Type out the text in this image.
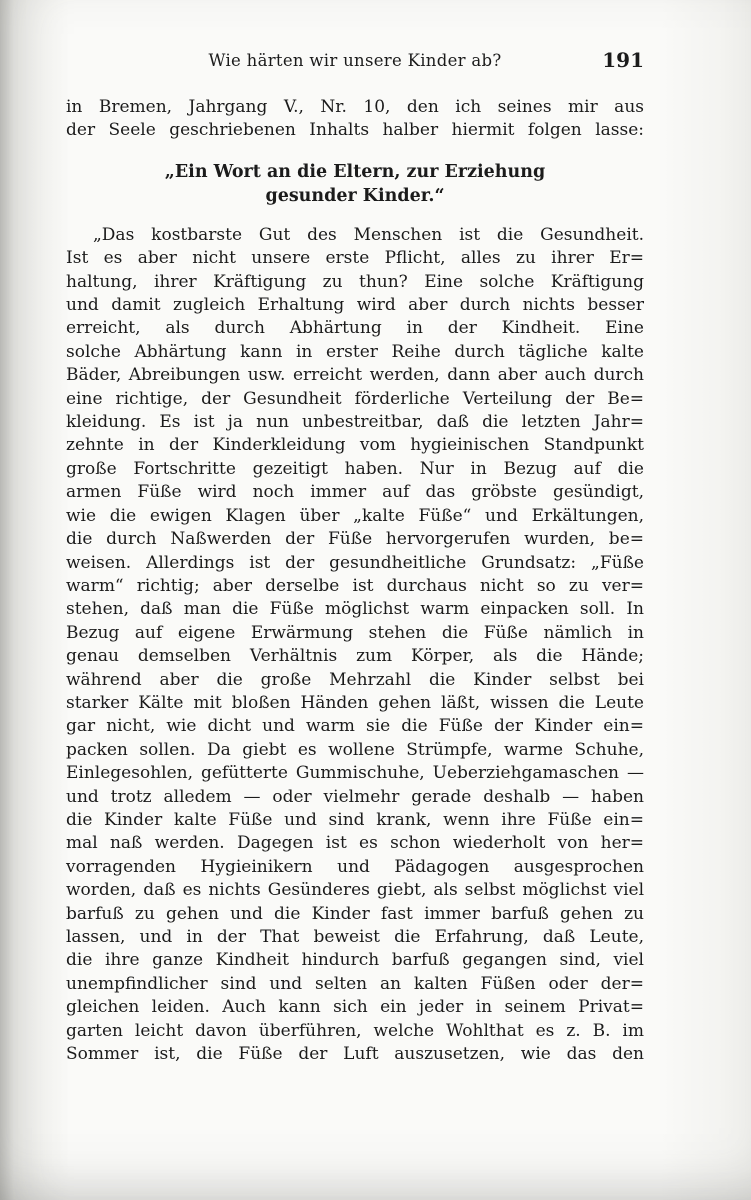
Wie härten wir unsere Kinder ab?	191
in Bremen, Jahrgang V., Nr. 10, den ich seines mir aus
der Seele geschriebenen Inhalts halber hiermit folgen lasse:
„Ein Wort an die Eltern, zur Erziehung
gesunder Kinder.“
„Das kostbarste Gut des Menschen ist die Gesundheit.
Ist es aber nicht unsere erste Pflicht, alles zu ihrer Er=
haltung, ihrer Kräftigung zu thun? Eine solche Kräftigung
und damit zugleich Erhaltung wird aber durch nichts besser
erreicht, als durch Abhärtung in der Kindheit. Eine
solche Abhärtung kann in erster Reihe durch tägliche kalte
Bäder, Abreibungen usw. erreicht werden, dann aber auch durch
eine richtige, der Gesundheit förderliche Verteilung der Be=
kleidung. Es ist ja nun unbestreitbar, daß die letzten Jahr=
zehnte in der Kinderkleidung vom hygieinischen Standpunkt
große Fortschritte gezeitigt haben. Nur in Bezug auf die
armen Füße wird noch immer auf das gröbste gesündigt,
wie die ewigen Klagen über „kalte Füße“ und Erkältungen,
die durch Naßwerden der Füße hervorgerufen wurden, be=
weisen. Allerdings ist der gesundheitliche Grundsatz: „Füße
warm“ richtig; aber derselbe ist durchaus nicht so zu ver=
stehen, daß man die Füße möglichst warm einpacken soll. In
Bezug auf eigene Erwärmung stehen die Füße nämlich in
genau demselben Verhältnis zum Körper, als die Hände;
während aber die große Mehrzahl die Kinder selbst bei
starker Kälte mit bloßen Händen gehen läßt, wissen die Leute
gar nicht, wie dicht und warm sie die Füße der Kinder ein=
packen sollen. Da giebt es wollene Strümpfe, warme Schuhe,
Einlegesohlen, gefütterte Gummischuhe, Ueberziehgamaschen —
und trotz alledem — oder vielmehr gerade deshalb — haben
die Kinder kalte Füße und sind krank, wenn ihre Füße ein=
mal naß werden. Dagegen ist es schon wiederholt von her=
vorragenden Hygieinikern und Pädagogen ausgesprochen
worden, daß es nichts Gesünderes giebt, als selbst möglichst viel
barfuß zu gehen und die Kinder fast immer barfuß gehen zu
lassen, und in der That beweist die Erfahrung, daß Leute,
die ihre ganze Kindheit hindurch barfuß gegangen sind, viel
unempfindlicher sind und selten an kalten Füßen oder der=
gleichen leiden. Auch kann sich ein jeder in seinem Privat=
garten leicht davon überführen, welche Wohlthat es z. B. im
Sommer ist, die Füße der Luft auszusetzen, wie das den
